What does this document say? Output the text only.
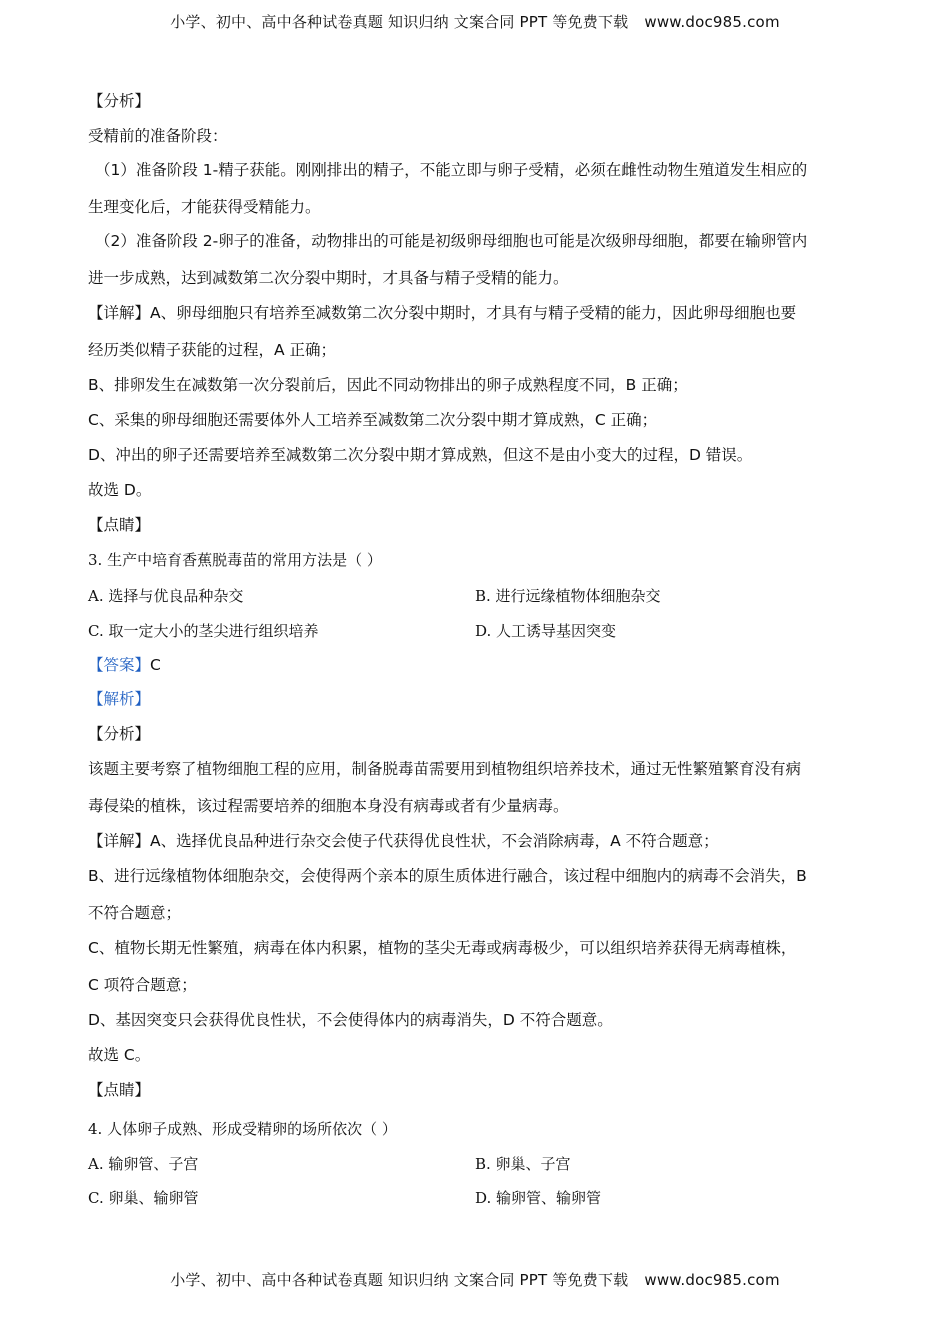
小学、初中、高中各种试卷真题 知识归纳 文案合同 PPT 等免费下载 www.doc985.com
【分析】
受精前的准备阶段：
（1）准备阶段 1-精子获能。刚刚排出的精子，不能立即与卵子受精，必须在雌性动物生殖道发生相应的
生理变化后，才能获得受精能力。
（2）准备阶段 2-卵子的准备，动物排出的可能是初级卵母细胞也可能是次级卵母细胞，都要在输卵管内
进一步成熟，达到减数第二次分裂中期时，才具备与精子受精的能力。
【详解】A、卵母细胞只有培养至减数第二次分裂中期时，才具有与精子受精的能力，因此卵母细胞也要
经历类似精子获能的过程，A 正确；
B、排卵发生在减数第一次分裂前后，因此不同动物排出的卵子成熟程度不同，B 正确；
C、采集的卵母细胞还需要体外人工培养至减数第二次分裂中期才算成熟，C 正确；
D、冲出的卵子还需要培养至减数第二次分裂中期才算成熟，但这不是由小变大的过程，D 错误。
故选 D。
【点睛】
3. 生产中培育香蕉脱毒苗的常用方法是（ ）
A. 选择与优良品种杂交	B. 进行远缘植物体细胞杂交
C. 取一定大小的茎尖进行组织培养	D. 人工诱导基因突变
【答案】C
【解析】
【分析】
该题主要考察了植物细胞工程的应用，制备脱毒苗需要用到植物组织培养技术，通过无性繁殖繁育没有病
毒侵染的植株，该过程需要培养的细胞本身没有病毒或者有少量病毒。
【详解】A、选择优良品种进行杂交会使子代获得优良性状，不会消除病毒，A 不符合题意；
B、进行远缘植物体细胞杂交，会使得两个亲本的原生质体进行融合，该过程中细胞内的病毒不会消失，B
不符合题意；
C、植物长期无性繁殖，病毒在体内积累，植物的茎尖无毒或病毒极少，可以组织培养获得无病毒植株，
C 项符合题意；
D、基因突变只会获得优良性状，不会使得体内的病毒消失，D 不符合题意。
故选 C。
【点睛】
4. 人体卵子成熟、形成受精卵的场所依次（ ）
A. 输卵管、子宫	B. 卵巢、子宫
C. 卵巢、输卵管	D. 输卵管、输卵管
小学、初中、高中各种试卷真题 知识归纳 文案合同 PPT 等免费下载 www.doc985.com
